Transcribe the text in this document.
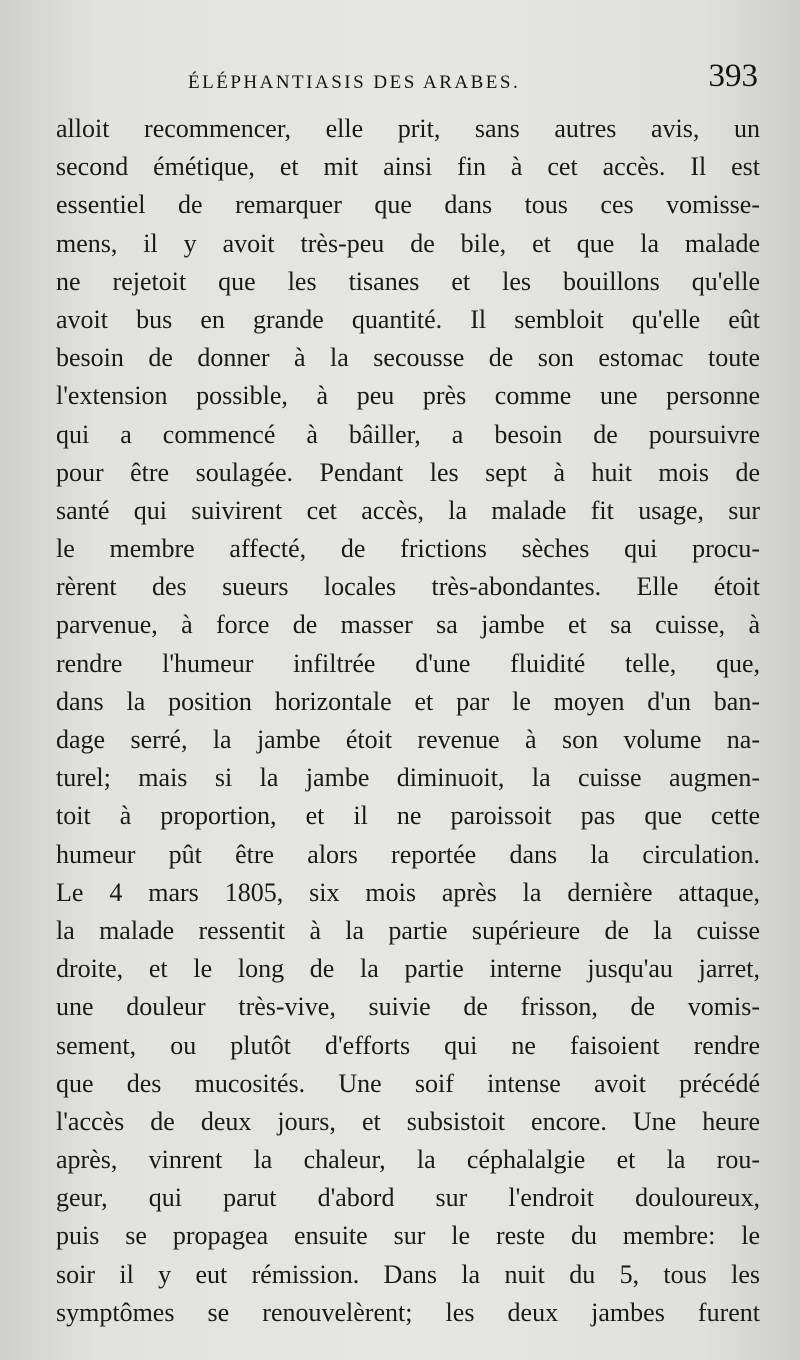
ÉLÉPHANTIASIS DES ARABES.	393
alloit recommencer, elle prit, sans autres avis, un
second émétique, et mit ainsi fin à cet accès. Il est
essentiel de remarquer que dans tous ces vomisse-
mens, il y avoit très-peu de bile, et que la malade
ne rejetoit que les tisanes et les bouillons qu'elle
avoit bus en grande quantité. Il sembloit qu'elle eût
besoin de donner à la secousse de son estomac toute
l'extension possible, à peu près comme une personne
qui a commencé à bâiller, a besoin de poursuivre
pour être soulagée. Pendant les sept à huit mois de
santé qui suivirent cet accès, la malade fit usage, sur
le membre affecté, de frictions sèches qui procu-
rèrent des sueurs locales très-abondantes. Elle étoit
parvenue, à force de masser sa jambe et sa cuisse, à
rendre l'humeur infiltrée d'une fluidité telle, que,
dans la position horizontale et par le moyen d'un ban-
dage serré, la jambe étoit revenue à son volume na-
turel; mais si la jambe diminuoit, la cuisse augmen-
toit à proportion, et il ne paroissoit pas que cette
humeur pût être alors reportée dans la circulation.
Le 4 mars 1805, six mois après la dernière attaque,
la malade ressentit à la partie supérieure de la cuisse
droite, et le long de la partie interne jusqu'au jarret,
une douleur très-vive, suivie de frisson, de vomis-
sement, ou plutôt d'efforts qui ne faisoient rendre
que des mucosités. Une soif intense avoit précédé
l'accès de deux jours, et subsistoit encore. Une heure
après, vinrent la chaleur, la céphalalgie et la rou-
geur, qui parut d'abord sur l'endroit douloureux,
puis se propagea ensuite sur le reste du membre: le
soir il y eut rémission. Dans la nuit du 5, tous les
symptômes se renouvelèrent; les deux jambes furent
